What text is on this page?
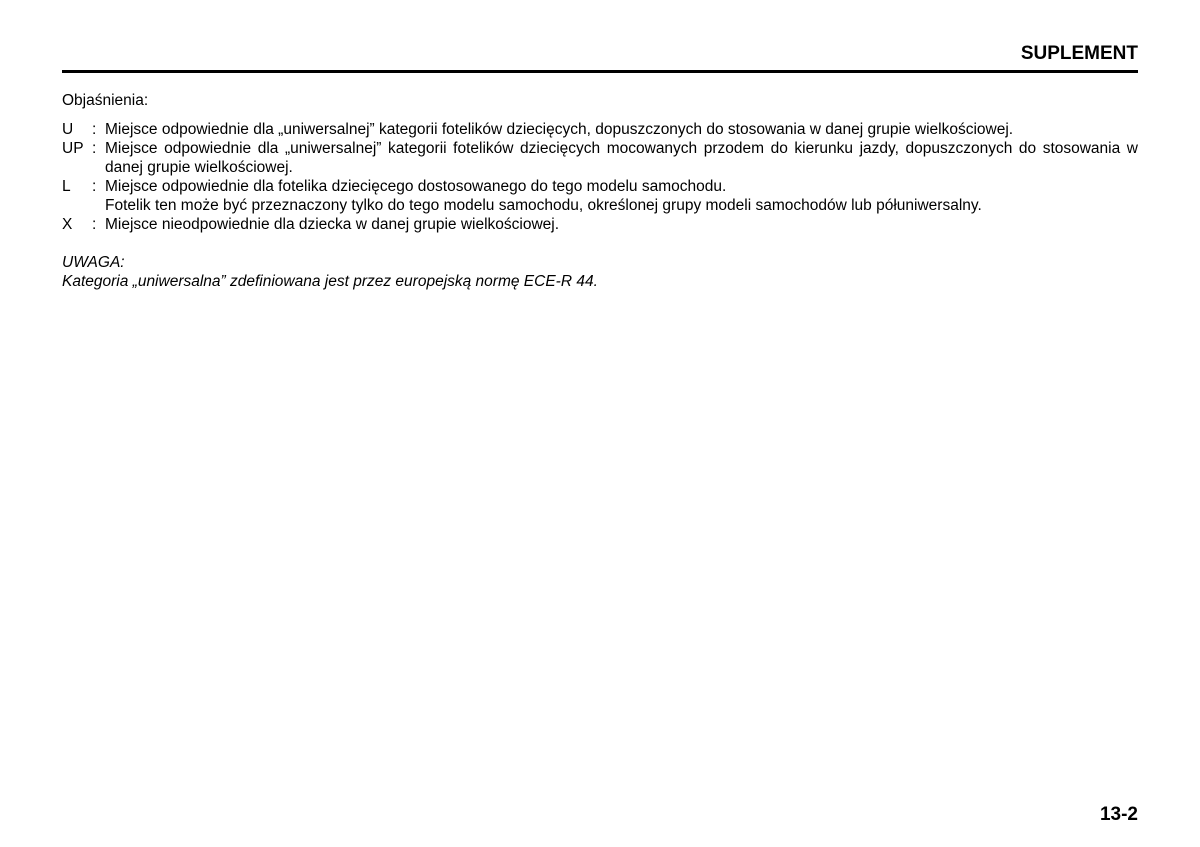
SUPLEMENT
Objaśnienia:
U	: Miejsce odpowiednie dla „uniwersalnej” kategorii fotelików dziecięcych, dopuszczonych do stosowania w danej grupie wielkościowej.
UP : Miejsce odpowiednie dla „uniwersalnej” kategorii fotelików dziecięcych mocowanych przodem do kierunku jazdy, dopuszczonych do stosowania w danej grupie wielkościowej.
L	: Miejsce odpowiednie dla fotelika dziecięcego dostosowanego do tego modelu samochodu.
Fotelik ten może być przeznaczony tylko do tego modelu samochodu, określonej grupy modeli samochodów lub półuniwersalny.
X	: Miejsce nieodpowiednie dla dziecka w danej grupie wielkościowej.
UWAGA:
Kategoria „uniwersalna” zdefiniowana jest przez europejską normę ECE-R 44.
13-2
